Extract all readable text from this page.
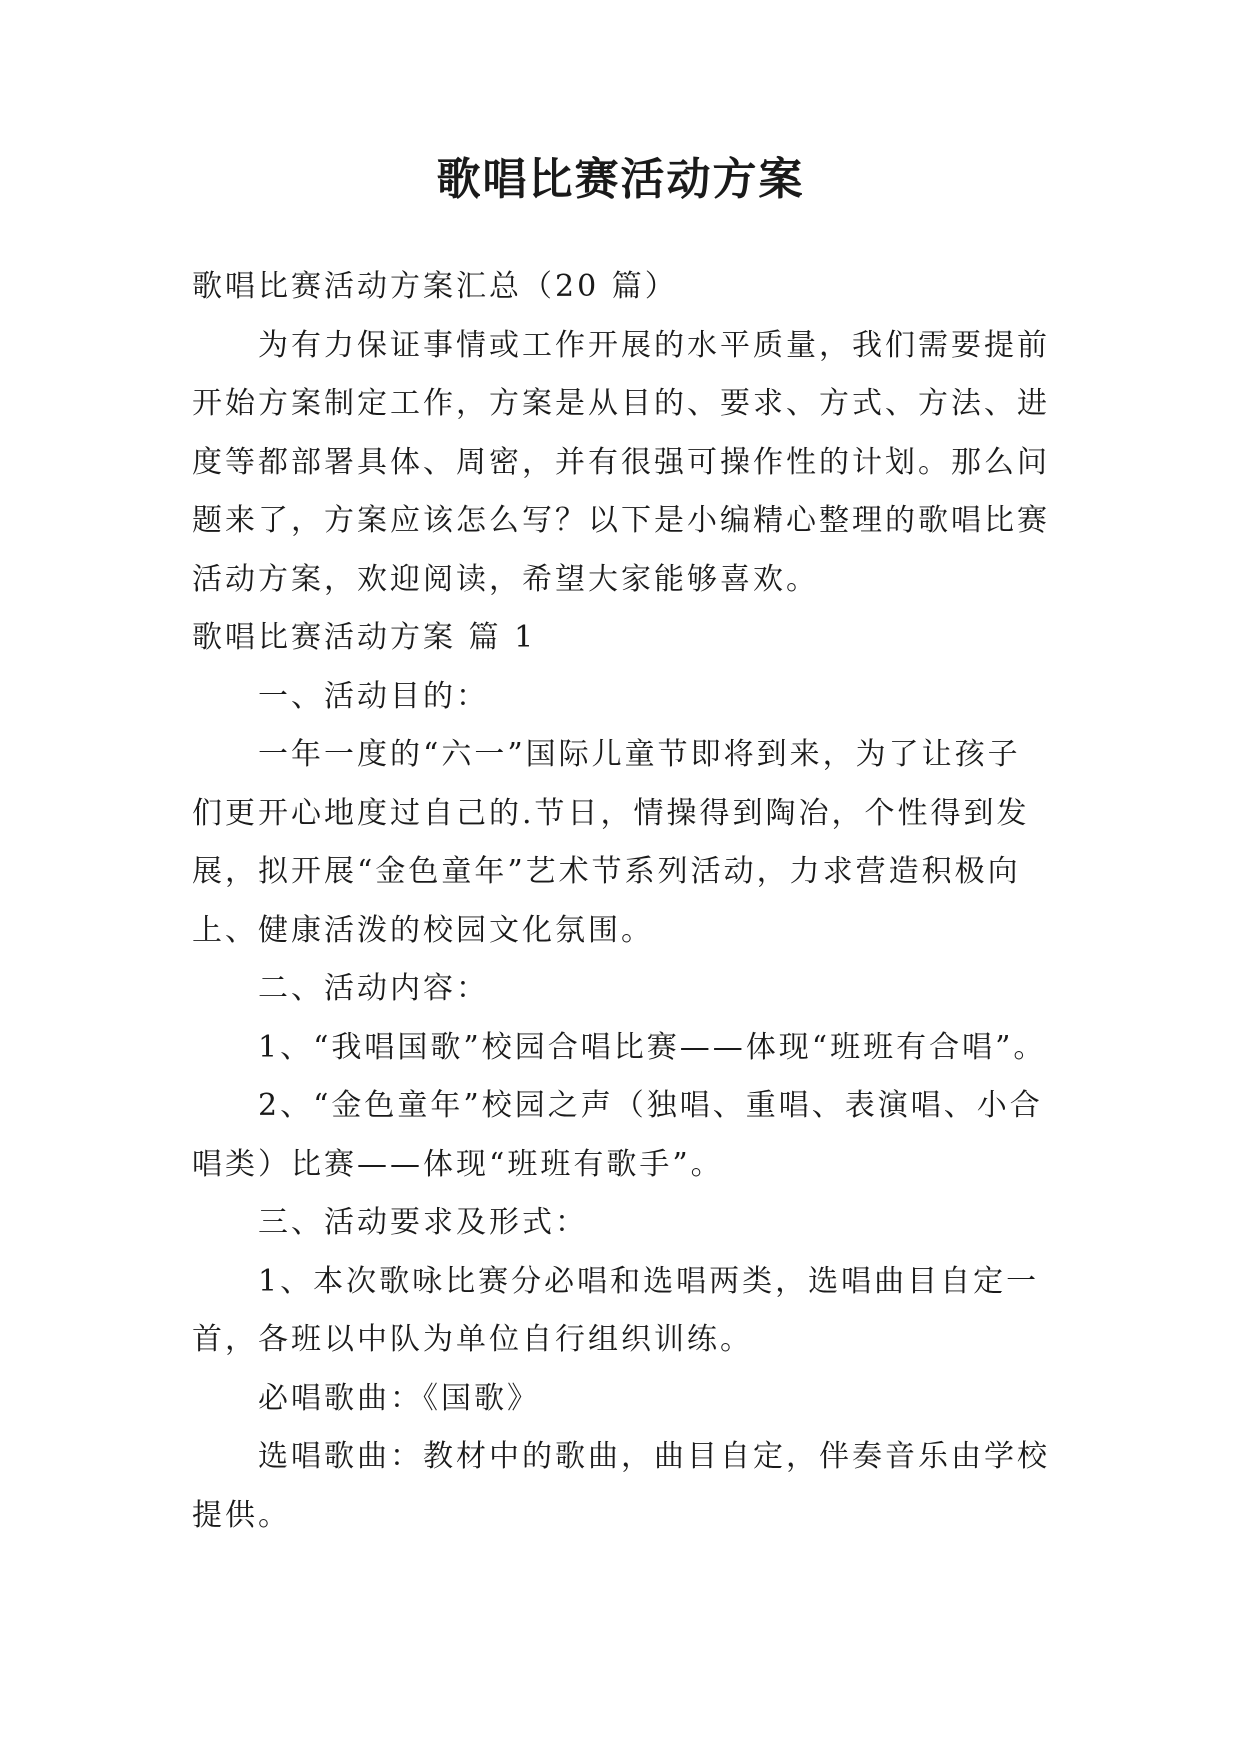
歌唱比赛活动方案
歌唱比赛活动方案汇总（20 篇）
为有力保证事情或工作开展的水平质量，我们需要提前
开始方案制定工作，方案是从目的、要求、方式、方法、进
度等都部署具体、周密，并有很强可操作性的计划。那么问
题来了，方案应该怎么写？以下是小编精心整理的歌唱比赛
活动方案，欢迎阅读，希望大家能够喜欢。
歌唱比赛活动方案 篇 1
一、活动目的：
一年一度的“六一”国际儿童节即将到来，为了让孩子
们更开心地度过自己的.节日，情操得到陶冶，个性得到发
展，拟开展“金色童年”艺术节系列活动，力求营造积极向
上、健康活泼的校园文化氛围。
二、活动内容：
1、“我唱国歌”校园合唱比赛——体现“班班有合唱”。
2、“金色童年”校园之声（独唱、重唱、表演唱、小合
唱类）比赛——体现“班班有歌手”。
三、活动要求及形式：
1、本次歌咏比赛分必唱和选唱两类，选唱曲目自定一
首，各班以中队为单位自行组织训练。
必唱歌曲：《国歌》
选唱歌曲：教材中的歌曲，曲目自定，伴奏音乐由学校
提供。
